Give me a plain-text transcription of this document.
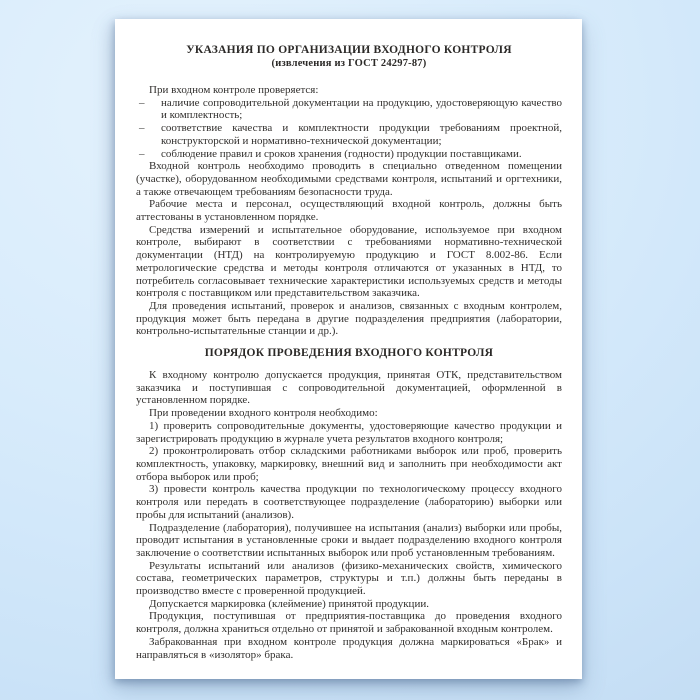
УКАЗАНИЯ ПО ОРГАНИЗАЦИИ ВХОДНОГО КОНТРОЛЯ
(извлечения из ГОСТ 24297-87)

При входном контроле проверяется:

– наличие сопроводительной документации на продукцию, удостоверяющую качество и комплектность;
– соответствие качества и комплектности продукции требованиям проектной, конструкторской и нормативно-технической документации;
– соблюдение правил и сроков хранения (годности) продукции поставщиками.

Входной контроль необходимо проводить в специально отведенном помещении (участке), оборудованном необходимыми средствами контроля, испытаний и оргтехники, а также отвечающем требованиям безопасности труда.

Рабочие места и персонал, осуществляющий входной контроль, должны быть аттестованы в установленном порядке.

Средства измерений и испытательное оборудование, используемое при входном контроле, выбирают в соответствии с требованиями нормативно-технической документации (НТД) на контролируемую продукцию и ГОСТ 8.002-86. Если метрологические средства и методы контроля отличаются от указанных в НТД, то потребитель согласовывает технические характеристики используемых средств и методы контроля с поставщиком или представительством заказчика.

Для проведения испытаний, проверок и анализов, связанных с входным контролем, продукция может быть передана в другие подразделения предприятия (лаборатории, контрольно-испытательные станции и др.).

ПОРЯДОК ПРОВЕДЕНИЯ ВХОДНОГО КОНТРОЛЯ

К входному контролю допускается продукция, принятая ОТК, представительством заказчика и поступившая с сопроводительной документацией, оформленной в установленном порядке.

При проведении входного контроля необходимо:

1) проверить сопроводительные документы, удостоверяющие качество продукции и зарегистрировать продукцию в журнале учета результатов входного контроля;

2) проконтролировать отбор складскими работниками выборок или проб, проверить комплектность, упаковку, маркировку, внешний вид и заполнить при необходимости акт отбора выборок или проб;

3) провести контроль качества продукции по технологическому процессу входного контроля или передать в соответствующее подразделение (лабораторию) выборки или пробы для испытаний (анализов).

Подразделение (лаборатория), получившее на испытания (анализ) выборки или пробы, проводит испытания в установленные сроки и выдает подразделению входного контроля заключение о соответствии испытанных выборок или проб установленным требованиям.

Результаты испытаний или анализов (физико-механических свойств, химического состава, геометрических параметров, структуры и т.п.) должны быть переданы в производство вместе с проверенной продукцией.

Допускается маркировка (клеймение) принятой продукции.

Продукция, поступившая от предприятия-поставщика до проведения входного контроля, должна храниться отдельно от принятой и забракованной входным контролем.

Забракованная при входном контроле продукция должна маркироваться «Брак» и направляться в «изолятор» брака.
